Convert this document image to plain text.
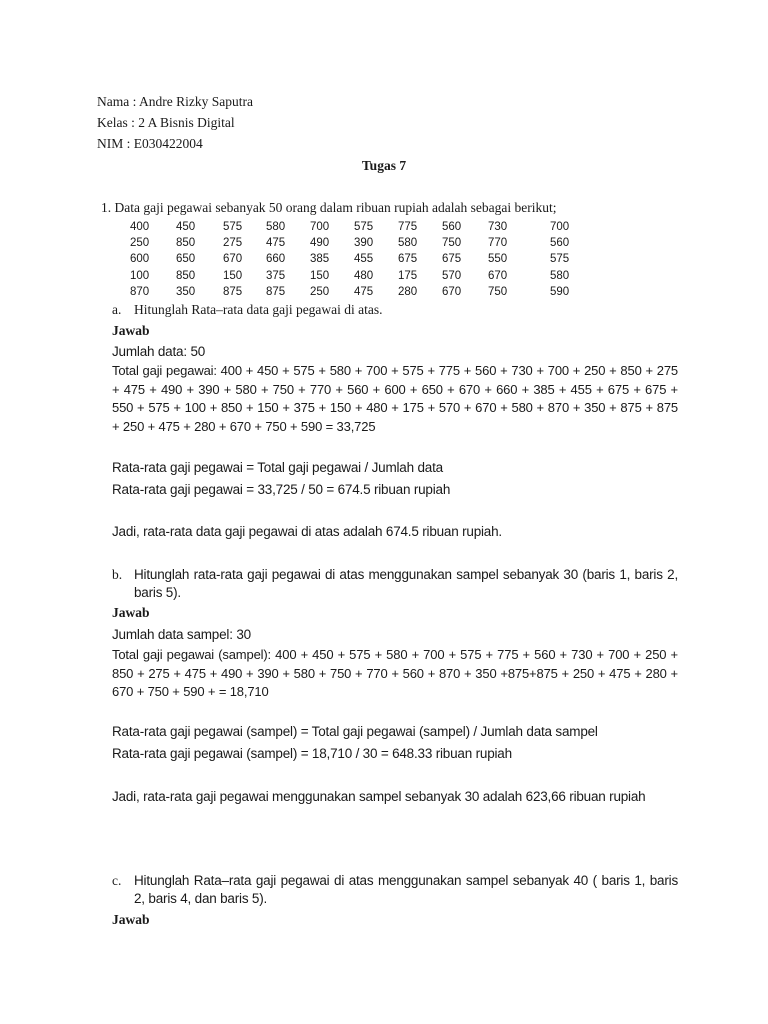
Nama : Andre Rizky Saputra
Kelas : 2 A Bisnis Digital
NIM : E030422004
Tugas 7
1. Data gaji pegawai sebanyak 50 orang dalam ribuan rupiah adalah sebagai berikut;
400	450	575	580	700	575	775	560	730	700
250	850	275	475	490	390	580	750	770	560
600	650	670	660	385	455	675	675	550	575
100	850	150	375	150	480	175	570	670	580
870	350	875	875	250	475	280	670	750	590
a. Hitunglah Rata–rata data gaji pegawai di atas.
Jawab
Jumlah data: 50
Total gaji pegawai: 400 + 450 + 575 + 580 + 700 + 575 + 775 + 560 + 730 + 700 + 250 + 850 + 275 + 475 + 490 + 390 + 580 + 750 + 770 + 560 + 600 + 650 + 670 + 660 + 385 + 455 + 675 + 675 + 550 + 575 + 100 + 850 + 150 + 375 + 150 + 480 + 175 + 570 + 670 + 580 + 870 + 350 + 875 + 875 + 250 + 475 + 280 + 670 + 750 + 590 = 33,725
Rata-rata gaji pegawai = Total gaji pegawai / Jumlah data
Rata-rata gaji pegawai = 33,725 / 50 = 674.5 ribuan rupiah
Jadi, rata-rata data gaji pegawai di atas adalah 674.5 ribuan rupiah.
b. Hitunglah rata-rata gaji pegawai di atas menggunakan sampel sebanyak 30 (baris 1, baris 2, baris 5).
Jawab
Jumlah data sampel: 30
Total gaji pegawai (sampel): 400 + 450 + 575 + 580 + 700 + 575 + 775 + 560 + 730 + 700 + 250 + 850 + 275 + 475 + 490 + 390 + 580 + 750 + 770 + 560 + 870 + 350 +875+875 + 250 + 475 + 280 + 670 + 750 + 590 + = 18,710
Rata-rata gaji pegawai (sampel) = Total gaji pegawai (sampel) / Jumlah data sampel
Rata-rata gaji pegawai (sampel) = 18,710 / 30 = 648.33 ribuan rupiah
Jadi, rata-rata gaji pegawai menggunakan sampel sebanyak 30 adalah 623,66 ribuan rupiah
c. Hitunglah Rata–rata gaji pegawai di atas menggunakan sampel sebanyak 40 ( baris 1, baris 2, baris 4, dan baris 5).
Jawab
